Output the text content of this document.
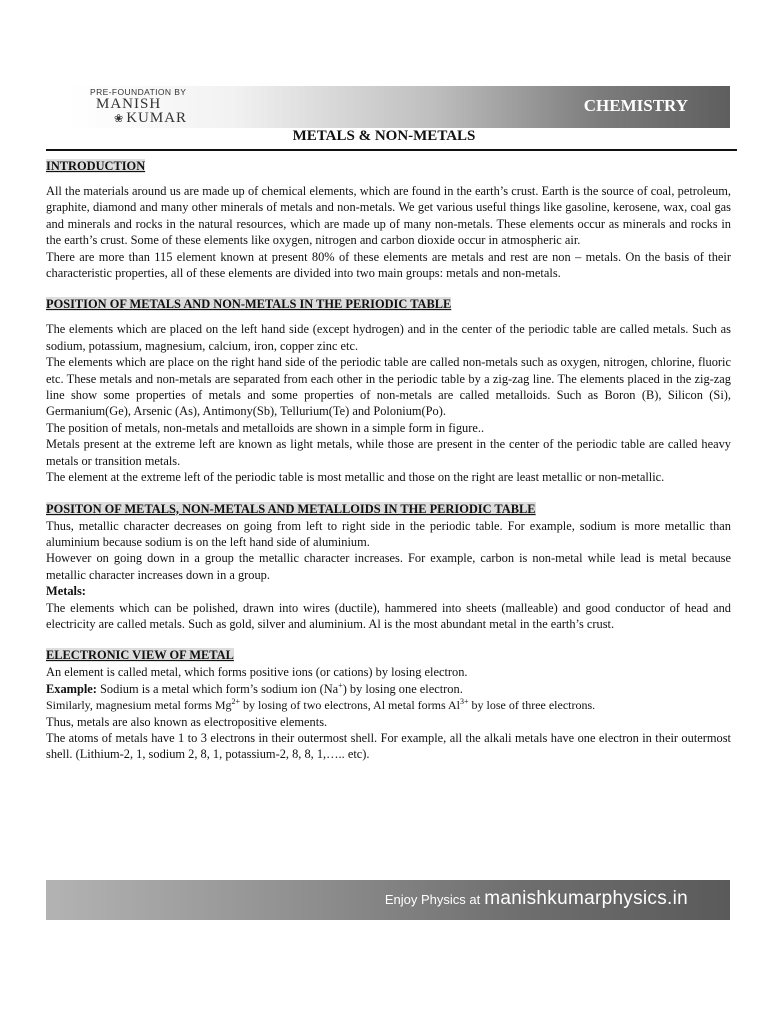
PRE-FOUNDATION BY
MANISH
❀ KUMAR
CHEMISTRY
METALS & NON-METALS
INTRODUCTION

All the materials around us are made up of chemical elements, which are found in the earth’s crust. Earth is the source of coal, petroleum, graphite, diamond and many other minerals of metals and non-metals. We get various useful things like gasoline, kerosene, wax, coal gas and minerals and rocks in the natural resources, which are made up of many non-metals. These elements occur as minerals and rocks in the earth’s crust. Some of these elements like oxygen, nitrogen and carbon dioxide occur in atmospheric air.

There are more than 115 element known at present 80% of these elements are metals and rest are non – metals. On the basis of their characteristic properties, all of these elements are divided into two main groups: metals and non-metals.

POSITION OF METALS AND NON-METALS IN THE PERIODIC TABLE

The elements which are placed on the left hand side (except hydrogen) and in the center of the periodic table are called metals. Such as sodium, potassium, magnesium, calcium, iron, copper zinc etc.

The elements which are place on the right hand side of the periodic table are called non-metals such as oxygen, nitrogen, chlorine, fluoric etc. These metals and non-metals are separated from each other in the periodic table by a zig-zag line. The elements placed in the zig-zag line show some properties of metals and some properties of non-metals are called metalloids. Such as Boron (B), Silicon (Si), Germanium(Ge), Arsenic (As), Antimony(Sb), Tellurium(Te) and Polonium(Po).

The position of metals, non-metals and metalloids are shown in a simple form in figure..

Metals present at the extreme left are known as light metals, while those are present in the center of the periodic table are called heavy metals or transition metals.

The element at the extreme left of the periodic table is most metallic and those on the right are least metallic or non-metallic.

POSITON OF METALS, NON-METALS AND METALLOIDS IN THE PERIODIC TABLE

Thus, metallic character decreases on going from left to right side in the periodic table. For example, sodium is more metallic than aluminium because sodium is on the left hand side of aluminium.

However on going down in a group the metallic character increases. For example, carbon is non-metal while lead is metal because metallic character increases down in a group.

Metals:

The elements which can be polished, drawn into wires (ductile), hammered into sheets (malleable) and good conductor of head and electricity are called metals. Such as gold, silver and aluminium. Al is the most abundant metal in the earth’s crust.

ELECTRONIC VIEW OF METAL

An element is called metal, which forms positive ions (or cations) by losing electron.

Example: Sodium is a metal which form’s sodium ion (Na+) by losing one electron.

Similarly, magnesium metal forms $Mg^{2+}$ by losing of two electrons, Al metal forms $Al^{3+}$ by lose of three electrons.

Thus, metals are also known as electropositive elements.

The atoms of metals have 1 to 3 electrons in their outermost shell. For example, all the alkali metals have one electron in their outermost shell. (Lithium-2, 1, sodium 2, 8, 1, potassium-2, 8, 8, 1,….. etc).

Enjoy Physics at manishkumarphysics.in
